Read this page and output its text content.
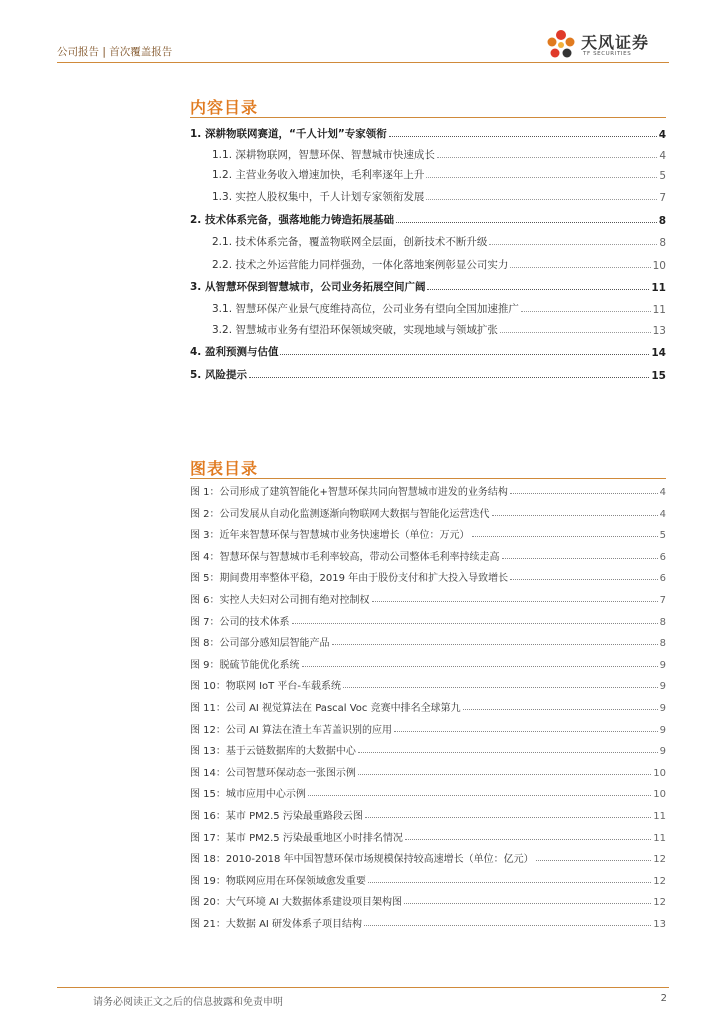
公司报告 | 首次覆盖报告	天风证券
TF SECURITIES
内容目录
1. 深耕物联网赛道，“千人计划”专家领衔	4
1.1. 深耕物联网，智慧环保、智慧城市快速成长	4
1.2. 主营业务收入增速加快，毛利率逐年上升	5
1.3. 实控人股权集中，千人计划专家领衔发展	7
2. 技术体系完备，强落地能力铸造拓展基础	8
2.1. 技术体系完备，覆盖物联网全层面，创新技术不断升级	8
2.2. 技术之外运营能力同样强劲，一体化落地案例彰显公司实力	10
3. 从智慧环保到智慧城市，公司业务拓展空间广阔	11
3.1. 智慧环保产业景气度维持高位，公司业务有望向全国加速推广	11
3.2. 智慧城市业务有望沿环保领域突破，实现地域与领域扩张	13
4. 盈利预测与估值	14
5. 风险提示	15
图表目录
图 1：公司形成了建筑智能化+智慧环保共同向智慧城市进发的业务结构	4
图 2：公司发展从自动化监测逐渐向物联网大数据与智能化运营迭代	4
图 3：近年来智慧环保与智慧城市业务快速增长（单位：万元）	5
图 4：智慧环保与智慧城市毛利率较高，带动公司整体毛利率持续走高	6
图 5：期间费用率整体平稳，2019 年由于股份支付和扩大投入导致增长	6
图 6：实控人夫妇对公司拥有绝对控制权	7
图 7：公司的技术体系	8
图 8：公司部分感知层智能产品	8
图 9：脱硫节能优化系统	9
图 10：物联网 IoT 平台-车载系统	9
图 11：公司 AI 视觉算法在 Pascal Voc 竞赛中排名全球第九	9
图 12：公司 AI 算法在渣土车苫盖识别的应用	9
图 13：基于云链数据库的大数据中心	9
图 14：公司智慧环保动态一张图示例	10
图 15：城市应用中心示例	10
图 16：某市 PM2.5 污染最重路段云图	11
图 17：某市 PM2.5 污染最重地区小时排名情况	11
图 18：2010-2018 年中国智慧环保市场规模保持较高速增长（单位：亿元）	12
图 19：物联网应用在环保领域愈发重要	12
图 20：大气环境 AI 大数据体系建设项目架构图	12
图 21：大数据 AI 研发体系子项目结构	13
请务必阅读正文之后的信息披露和免责申明	2
